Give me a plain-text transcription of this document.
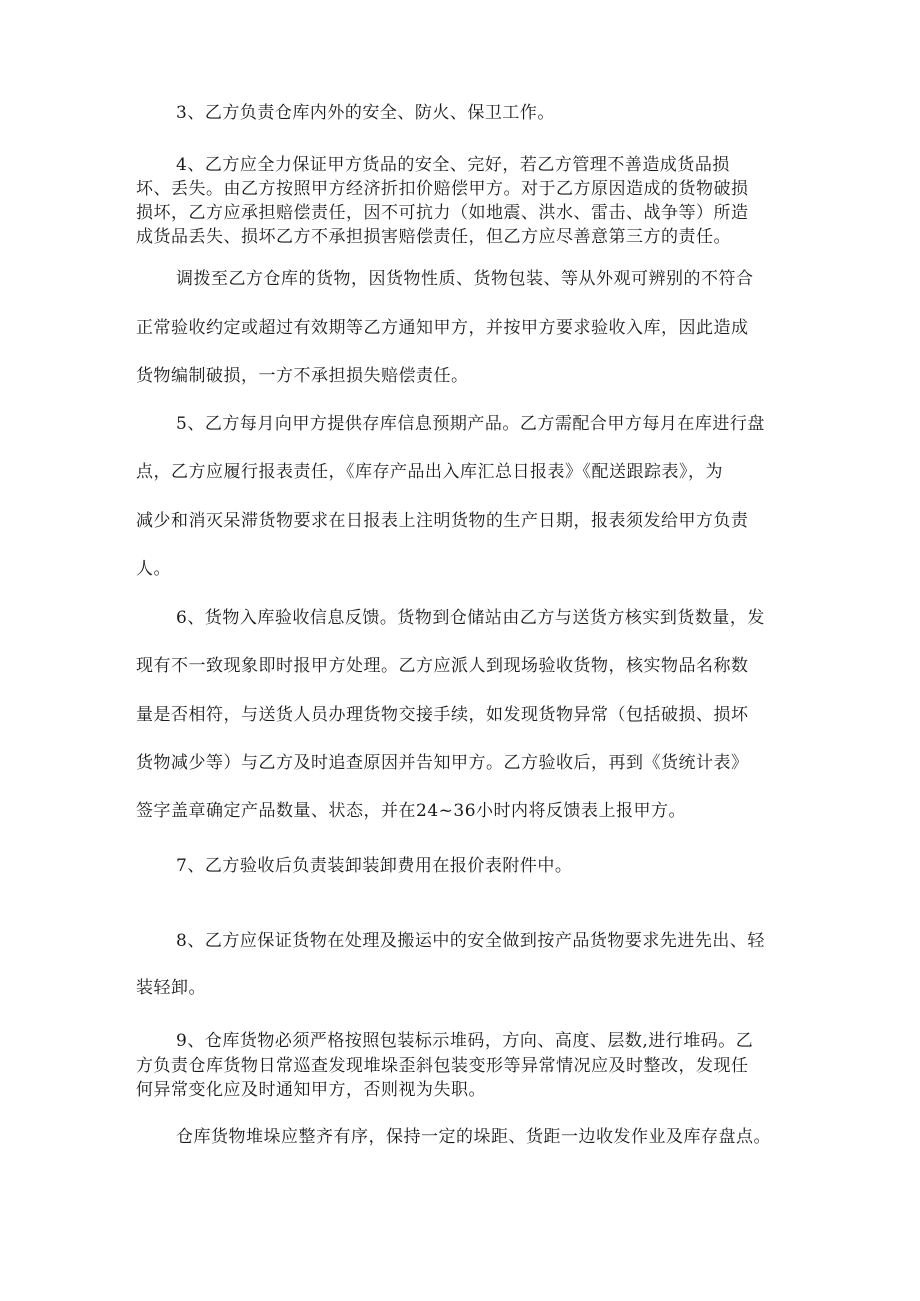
3、乙方负责仓库内外的安全、防火、保卫工作。
4、乙方应全力保证甲方货品的安全、完好，若乙方管理不善造成货品损
坏、丢失。由乙方按照甲方经济折扣价赔偿甲方。对于乙方原因造成的货物破损
损坏，乙方应承担赔偿责任，因不可抗力（如地震、洪水、雷击、战争等）所造
成货品丢失、损坏乙方不承担损害赔偿责任，但乙方应尽善意第三方的责任。
调拨至乙方仓库的货物，因货物性质、货物包装、等从外观可辨别的不符合
正常验收约定或超过有效期等乙方通知甲方，并按甲方要求验收入库，因此造成
货物编制破损，一方不承担损失赔偿责任。
5、乙方每月向甲方提供存库信息预期产品。乙方需配合甲方每月在库进行盘
点，乙方应履行报表责任，《库存产品出入库汇总日报表》《配送跟踪表》，为
减少和消灭呆滞货物要求在日报表上注明货物的生产日期，报表须发给甲方负责
人。
6、货物入库验收信息反馈。货物到仓储站由乙方与送货方核实到货数量，发
现有不一致现象即时报甲方处理。乙方应派人到现场验收货物，核实物品名称数
量是否相符，与送货人员办理货物交接手续，如发现货物异常（包括破损、损坏
货物减少等）与乙方及时追查原因并告知甲方。乙方验收后，再到《货统计表》
签字盖章确定产品数量、状态，并在24~36小时内将反馈表上报甲方。
7、乙方验收后负责装卸装卸费用在报价表附件中。
8、乙方应保证货物在处理及搬运中的安全做到按产品货物要求先进先出、轻
装轻卸。
9、仓库货物必须严格按照包装标示堆码，方向、高度、层数,进行堆码。乙
方负责仓库货物日常巡查发现堆垛歪斜包装变形等异常情况应及时整改，发现任
何异常变化应及时通知甲方，否则视为失职。
仓库货物堆垛应整齐有序，保持一定的垛距、货距一边收发作业及库存盘点。
